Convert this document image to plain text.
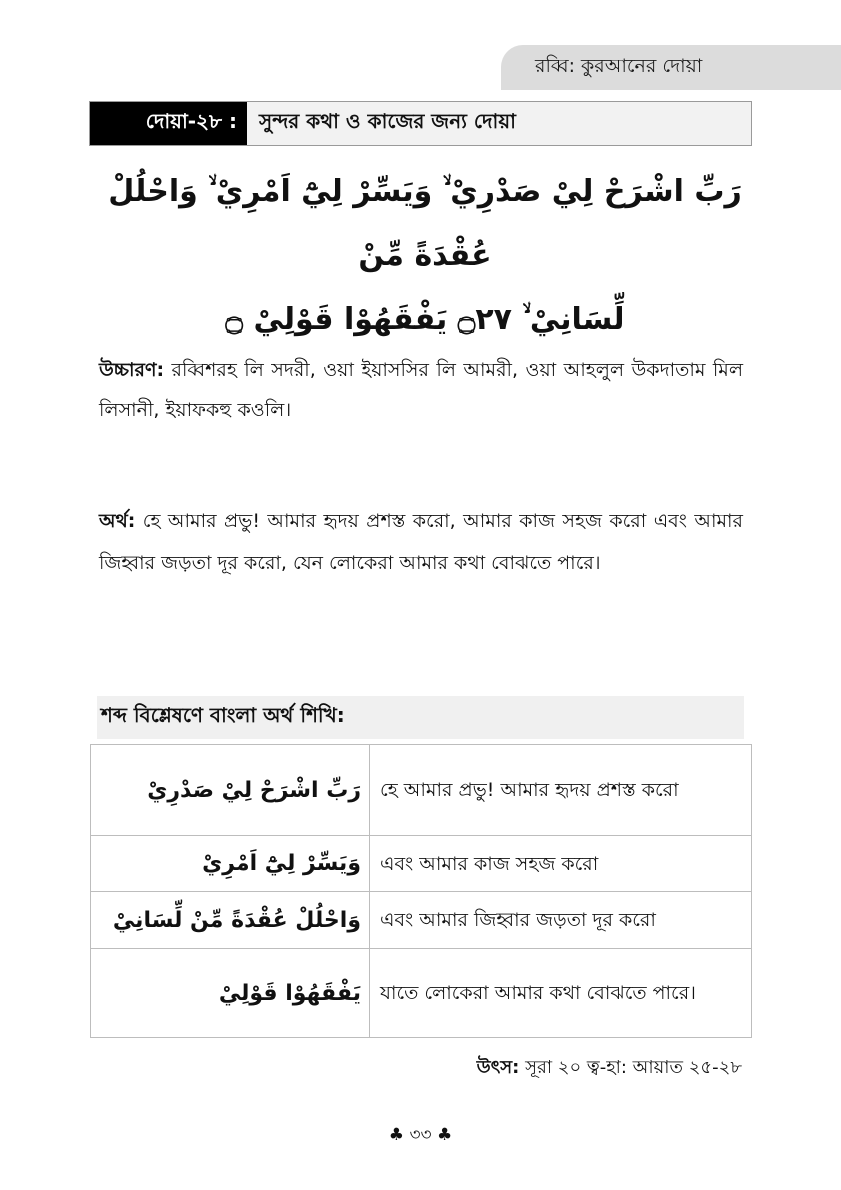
রব্বি: কুরআনের দোয়া
দোয়া-২৮ :	সুন্দর কথা ও কাজের জন্য দোয়া
رَبِّ اشْرَحْ لِيْ صَدْرِيْ ۙ وَيَسِّرْ لِيْٓ اَمْرِيْ ۙ وَاحْلُلْ عُقْدَةً مِّنْ
لِّسَانِيْ ۙ ۝٢٧ يَفْقَهُوْا قَوْلِيْ ۝
উচ্চারণ: রব্বিশরহ লি সদরী, ওয়া ইয়াসসির লি আমরী, ওয়া আহলুল উকদাতাম মিল লিসানী, ইয়াফকহু কওলি।
অর্থ: হে আমার প্রভু! আমার হৃদয় প্রশস্ত করো, আমার কাজ সহজ করো এবং আমার জিহ্বার জড়তা দূর করো, যেন লোকেরা আমার কথা বোঝতে পারে।
শব্দ বিশ্লেষণে বাংলা অর্থ শিখি:
رَبِّ اشْرَحْ لِيْ صَدْرِيْ	হে আমার প্রভু! আমার হৃদয় প্রশস্ত করো
وَيَسِّرْ لِيْٓ اَمْرِيْ	এবং আমার কাজ সহজ করো
وَاحْلُلْ عُقْدَةً مِّنْ لِّسَانِيْ	এবং আমার জিহ্বার জড়তা দূর করো
يَفْقَهُوْا قَوْلِيْ	যাতে লোকেরা আমার কথা বোঝতে পারে।
উৎস: সূরা ২০ ত্ব-হা: আয়াত ২৫-২৮
♣ ৩৩ ♣
